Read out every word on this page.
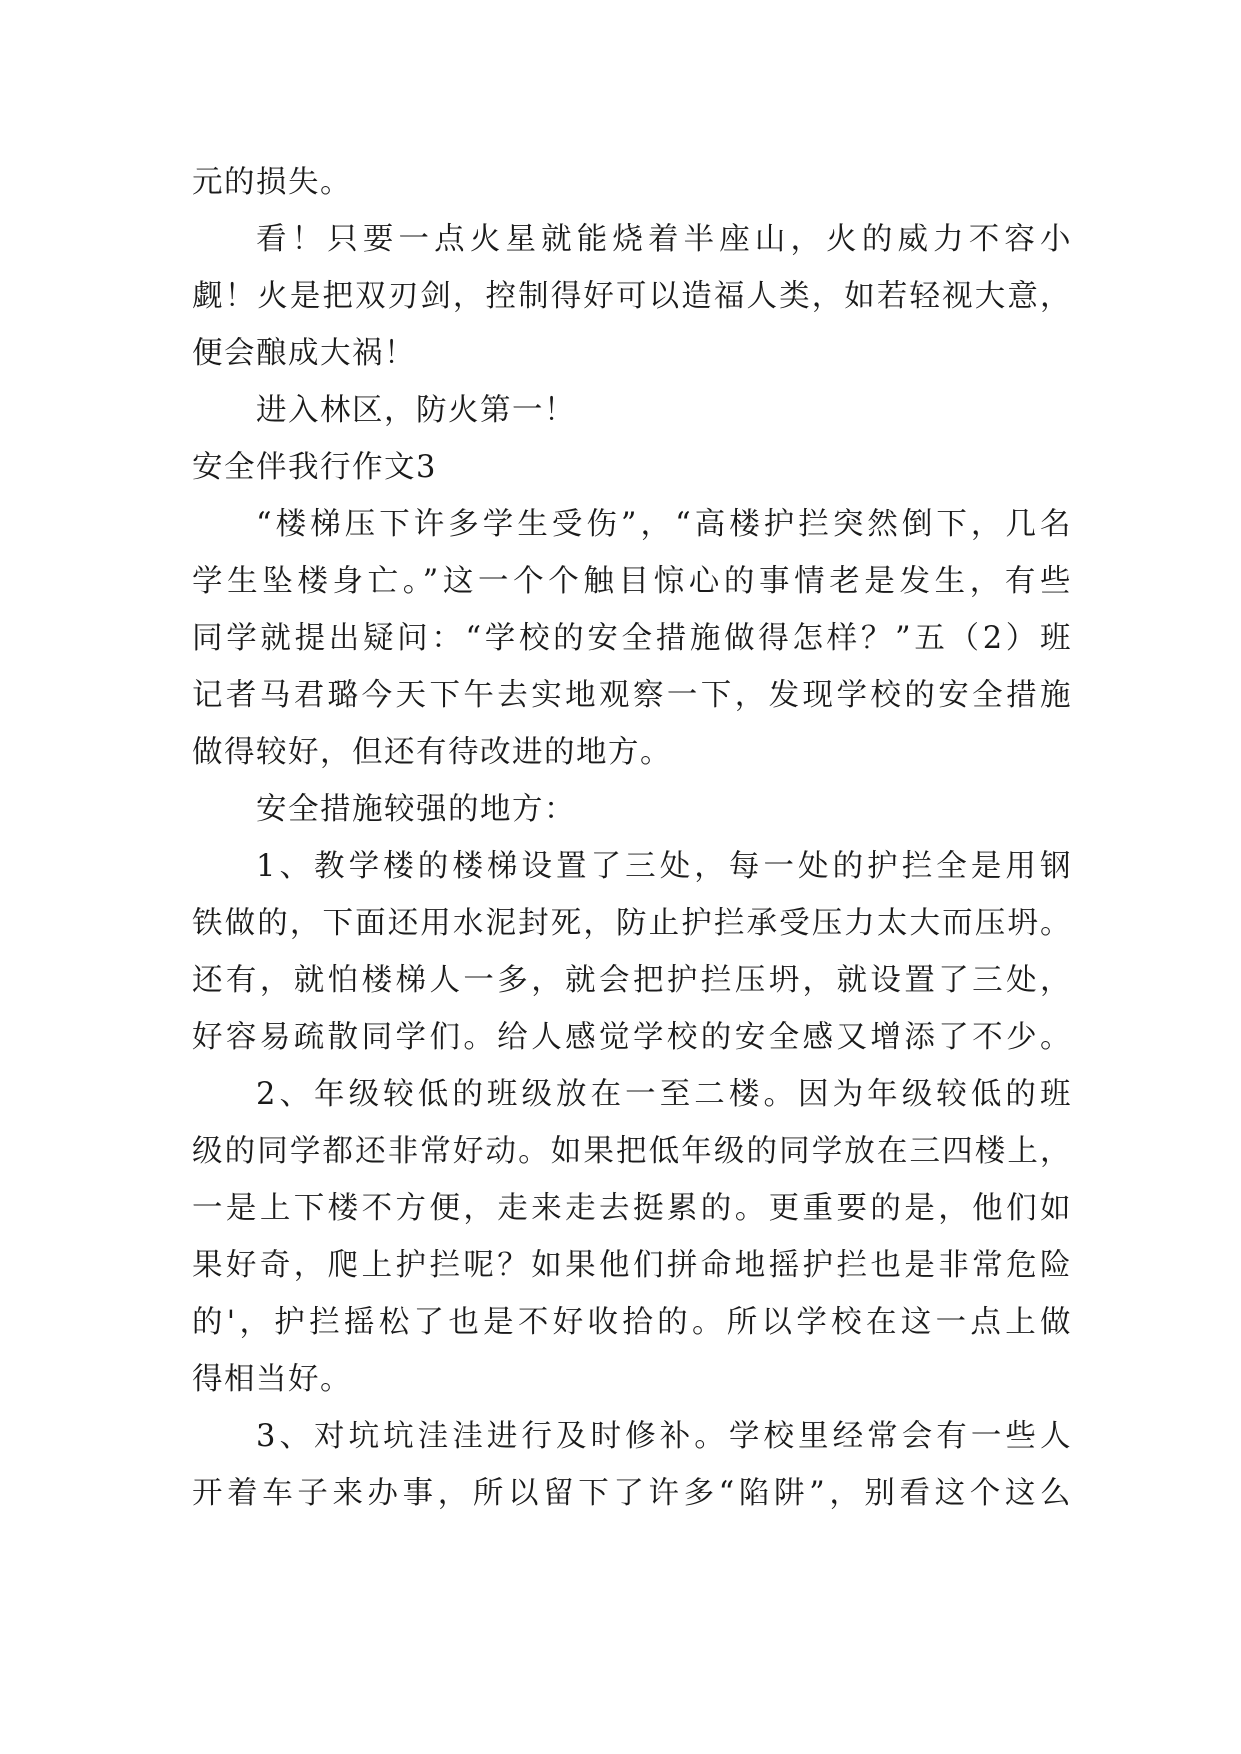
元的损失。
看！只要一点火星就能烧着半座山，火的威力不容小
觑！火是把双刃剑，控制得好可以造福人类，如若轻视大意，
便会酿成大祸！
进入林区，防火第一！
安全伴我行作文3
“楼梯压下许多学生受伤”，“高楼护拦突然倒下，几名
学生坠楼身亡。”这一个个触目惊心的事情老是发生，有些
同学就提出疑问：“学校的安全措施做得怎样？”五（2）班
记者马君璐今天下午去实地观察一下，发现学校的安全措施
做得较好，但还有待改进的地方。
安全措施较强的地方：
1、教学楼的楼梯设置了三处，每一处的护拦全是用钢
铁做的，下面还用水泥封死，防止护拦承受压力太大而压坍。
还有，就怕楼梯人一多，就会把护拦压坍，就设置了三处，
好容易疏散同学们。给人感觉学校的安全感又增添了不少。
2、年级较低的班级放在一至二楼。因为年级较低的班
级的同学都还非常好动。如果把低年级的同学放在三四楼上，
一是上下楼不方便，走来走去挺累的。更重要的是，他们如
果好奇，爬上护拦呢？如果他们拼命地摇护拦也是非常危险
的'，护拦摇松了也是不好收拾的。所以学校在这一点上做
得相当好。
3、对坑坑洼洼进行及时修补。学校里经常会有一些人
开着车子来办事，所以留下了许多“陷阱”，别看这个这么
